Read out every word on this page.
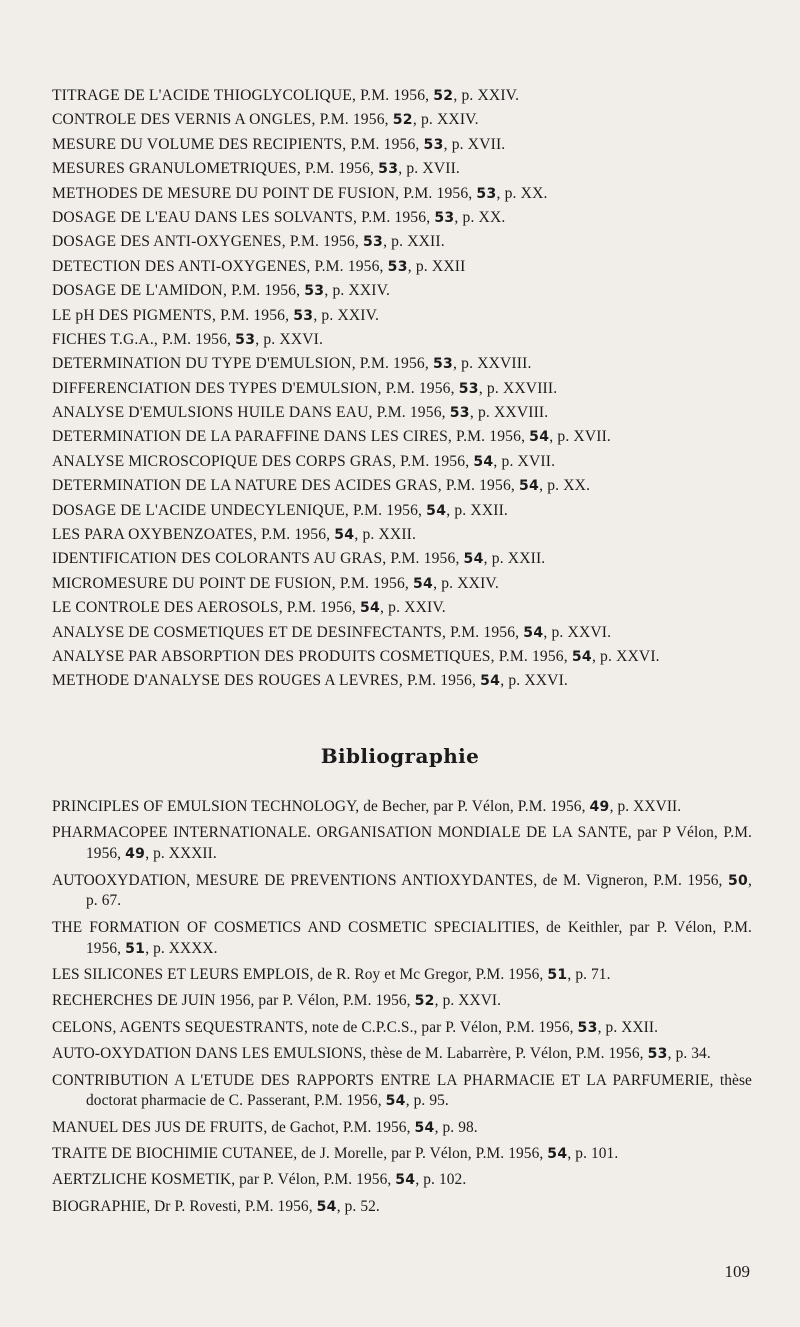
TITRAGE DE L'ACIDE THIOGLYCOLIQUE, P.M. 1956, 52, p. XXIV.
CONTROLE DES VERNIS A ONGLES, P.M. 1956, 52, p. XXIV.
MESURE DU VOLUME DES RECIPIENTS, P.M. 1956, 53, p. XVII.
MESURES GRANULOMETRIQUES, P.M. 1956, 53, p. XVII.
METHODES DE MESURE DU POINT DE FUSION, P.M. 1956, 53, p. XX.
DOSAGE DE L'EAU DANS LES SOLVANTS, P.M. 1956, 53, p. XX.
DOSAGE DES ANTI-OXYGENES, P.M. 1956, 53, p. XXII.
DETECTION DES ANTI-OXYGENES, P.M. 1956, 53, p. XXII
DOSAGE DE L'AMIDON, P.M. 1956, 53, p. XXIV.
LE pH DES PIGMENTS, P.M. 1956, 53, p. XXIV.
FICHES T.G.A., P.M. 1956, 53, p. XXVI.
DETERMINATION DU TYPE D'EMULSION, P.M. 1956, 53, p. XXVIII.
DIFFERENCIATION DES TYPES D'EMULSION, P.M. 1956, 53, p. XXVIII.
ANALYSE D'EMULSIONS HUILE DANS EAU, P.M. 1956, 53, p. XXVIII.
DETERMINATION DE LA PARAFFINE DANS LES CIRES, P.M. 1956, 54, p. XVII.
ANALYSE MICROSCOPIQUE DES CORPS GRAS, P.M. 1956, 54, p. XVII.
DETERMINATION DE LA NATURE DES ACIDES GRAS, P.M. 1956, 54, p. XX.
DOSAGE DE L'ACIDE UNDECYLENIQUE, P.M. 1956, 54, p. XXII.
LES PARA OXYBENZOATES, P.M. 1956, 54, p. XXII.
IDENTIFICATION DES COLORANTS AU GRAS, P.M. 1956, 54, p. XXII.
MICROMESURE DU POINT DE FUSION, P.M. 1956, 54, p. XXIV.
LE CONTROLE DES AEROSOLS, P.M. 1956, 54, p. XXIV.
ANALYSE DE COSMETIQUES ET DE DESINFECTANTS, P.M. 1956, 54, p. XXVI.
ANALYSE PAR ABSORPTION DES PRODUITS COSMETIQUES, P.M. 1956, 54, p. XXVI.
METHODE D'ANALYSE DES ROUGES A LEVRES, P.M. 1956, 54, p. XXVI.
Bibliographie
PRINCIPLES OF EMULSION TECHNOLOGY, de Becher, par P. Vélon, P.M. 1956, 49, p. XXVII.
PHARMACOPEE INTERNATIONALE. ORGANISATION MONDIALE DE LA SANTE, par P Vélon, P.M. 1956, 49, p. XXXII.
AUTOOXYDATION, MESURE DE PREVENTIONS ANTIOXYDANTES, de M. Vigneron, P.M. 1956, 50, p. 67.
THE FORMATION OF COSMETICS AND COSMETIC SPECIALITIES, de Keithler, par P. Vélon, P.M. 1956, 51, p. XXXX.
LES SILICONES ET LEURS EMPLOIS, de R. Roy et Mc Gregor, P.M. 1956, 51, p. 71.
RECHERCHES DE JUIN 1956, par P. Vélon, P.M. 1956, 52, p. XXVI.
CELONS, AGENTS SEQUESTRANTS, note de C.P.C.S., par P. Vélon, P.M. 1956, 53, p. XXII.
AUTO-OXYDATION DANS LES EMULSIONS, thèse de M. Labarrère, P. Vélon, P.M. 1956, 53, p. 34.
CONTRIBUTION A L'ETUDE DES RAPPORTS ENTRE LA PHARMACIE ET LA PARFUMERIE, thèse doctorat pharmacie de C. Passerant, P.M. 1956, 54, p. 95.
MANUEL DES JUS DE FRUITS, de Gachot, P.M. 1956, 54, p. 98.
TRAITE DE BIOCHIMIE CUTANEE, de J. Morelle, par P. Vélon, P.M. 1956, 54, p. 101.
AERTZLICHE KOSMETIK, par P. Vélon, P.M. 1956, 54, p. 102.
BIOGRAPHIE, Dr P. Rovesti, P.M. 1956, 54, p. 52.
109
